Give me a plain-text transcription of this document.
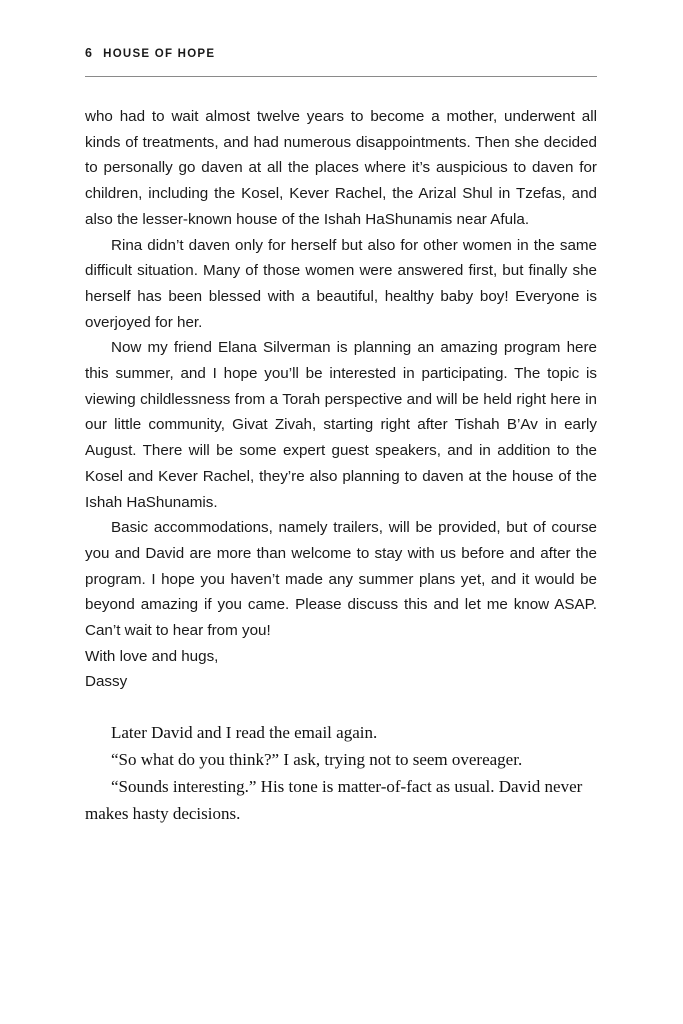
6 HOUSE OF HOPE

who had to wait almost twelve years to become a mother, underwent all kinds of treatments, and had numerous disappointments. Then she decided to personally go daven at all the places where it’s auspicious to daven for children, including the Kosel, Kever Rachel, the Arizal Shul in Tzefas, and also the lesser-known house of the Ishah HaShunamis near Afula.

Rina didn’t daven only for herself but also for other women in the same difficult situation. Many of those women were answered first, but finally she herself has been blessed with a beautiful, healthy baby boy! Everyone is overjoyed for her.

Now my friend Elana Silverman is planning an amazing program here this summer, and I hope you’ll be interested in participating. The topic is viewing childlessness from a Torah perspective and will be held right here in our little community, Givat Zivah, starting right after Tishah B’Av in early August. There will be some expert guest speakers, and in addition to the Kosel and Kever Rachel, they’re also planning to daven at the house of the Ishah HaShunamis.

Basic accommodations, namely trailers, will be provided, but of course you and David are more than welcome to stay with us before and after the program. I hope you haven’t made any summer plans yet, and it would be beyond amazing if you came. Please discuss this and let me know ASAP. Can’t wait to hear from you!

With love and hugs,

Dassy

Later David and I read the email again.

“So what do you think?” I ask, trying not to seem overeager.

“Sounds interesting.” His tone is matter-of-fact as usual. David never makes hasty decisions.
